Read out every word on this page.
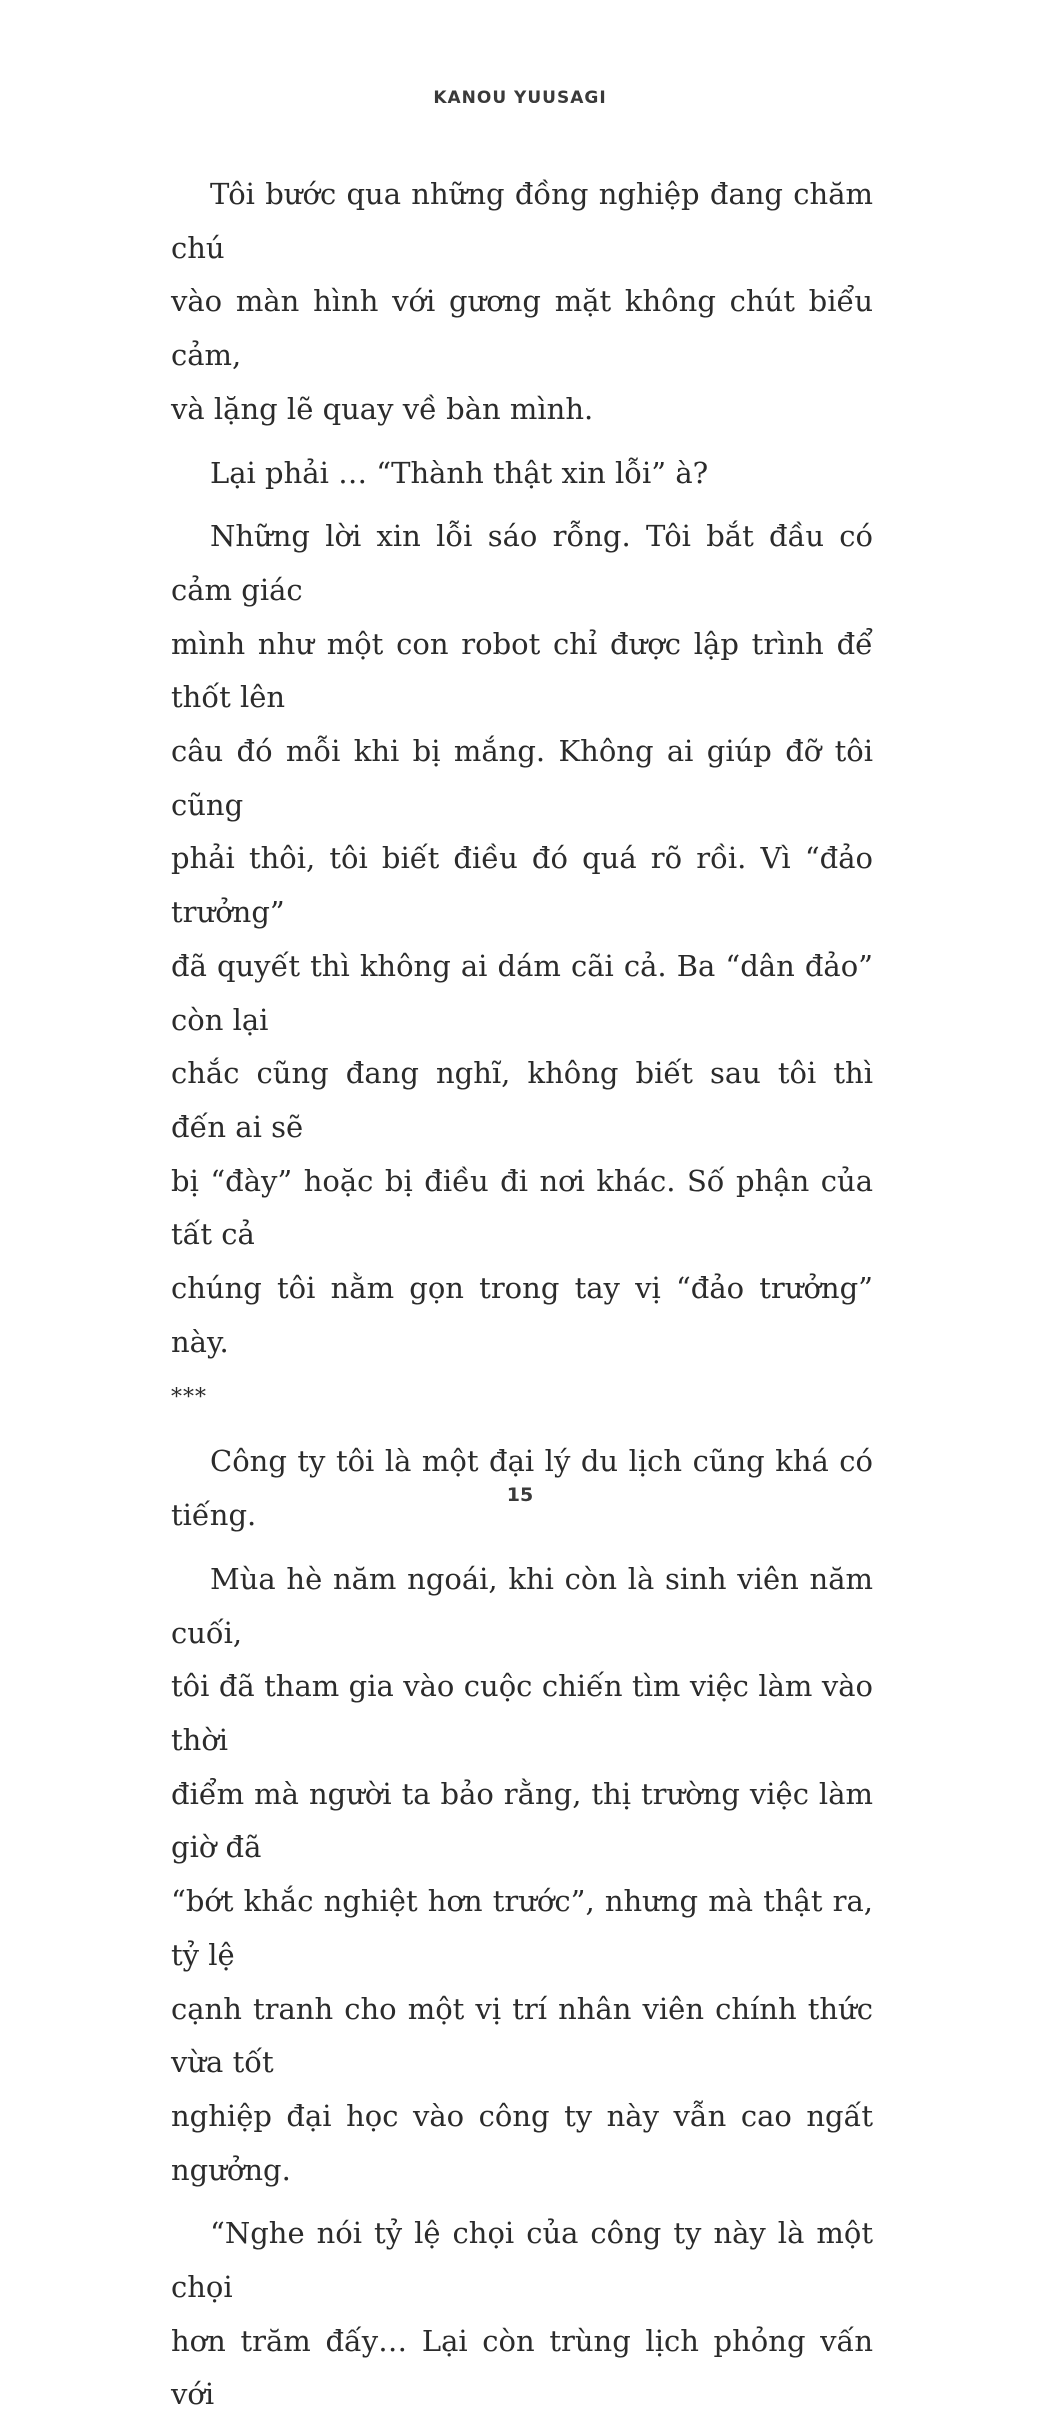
KANOU YUUSAGI

Tôi bước qua những đồng nghiệp đang chăm chú
vào màn hình với gương mặt không chút biểu cảm,
và lặng lẽ quay về bàn mình.

Lại phải … “Thành thật xin lỗi” à?

Những lời xin lỗi sáo rỗng. Tôi bắt đầu có cảm giác
mình như một con robot chỉ được lập trình để thốt lên
câu đó mỗi khi bị mắng. Không ai giúp đỡ tôi cũng
phải thôi, tôi biết điều đó quá rõ rồi. Vì “đảo trưởng”
đã quyết thì không ai dám cãi cả. Ba “dân đảo” còn lại
chắc cũng đang nghĩ, không biết sau tôi thì đến ai sẽ
bị “đày” hoặc bị điều đi nơi khác. Số phận của tất cả
chúng tôi nằm gọn trong tay vị “đảo trưởng” này.

***

Công ty tôi là một đại lý du lịch cũng khá có tiếng.

Mùa hè năm ngoái, khi còn là sinh viên năm cuối,
tôi đã tham gia vào cuộc chiến tìm việc làm vào thời
điểm mà người ta bảo rằng, thị trường việc làm giờ đã
“bớt khắc nghiệt hơn trước”, nhưng mà thật ra, tỷ lệ
cạnh tranh cho một vị trí nhân viên chính thức vừa tốt
nghiệp đại học vào công ty này vẫn cao ngất ngưởng.

“Nghe nói tỷ lệ chọi của công ty này là một chọi
hơn trăm đấy… Lại còn trùng lịch phỏng vấn với

15
